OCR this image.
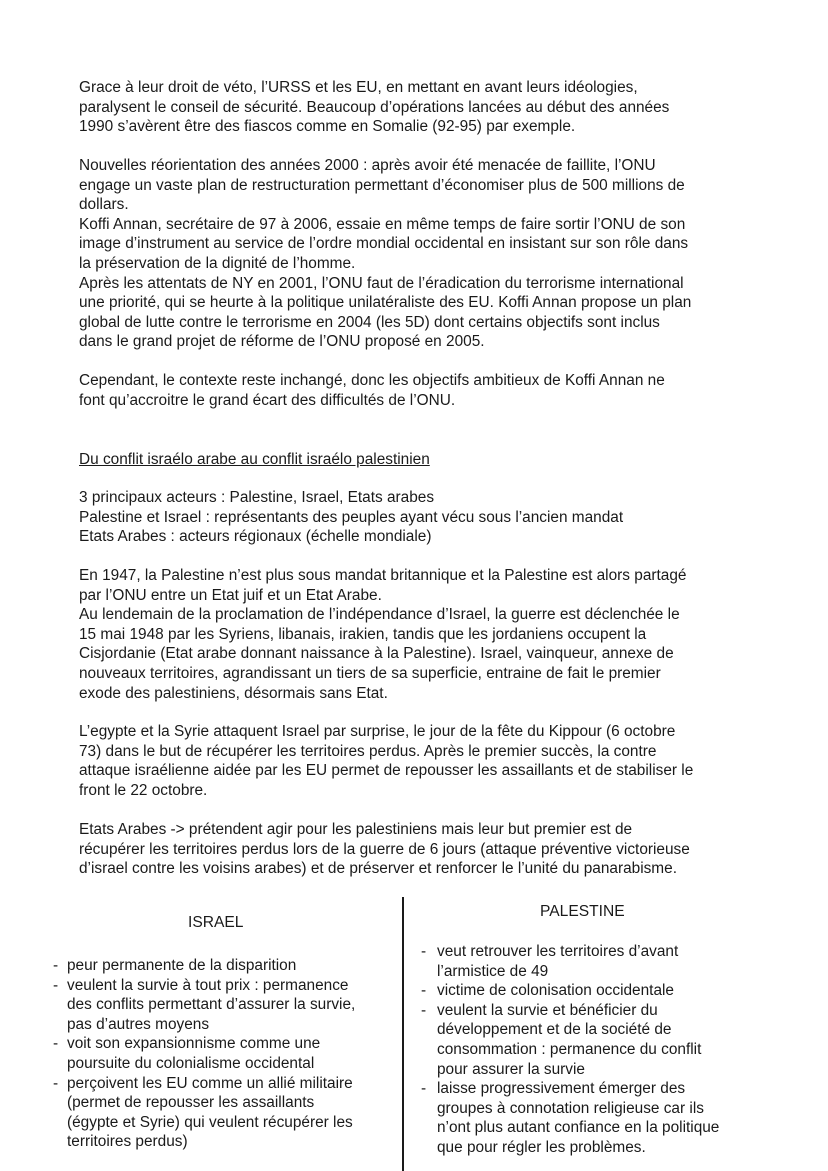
Grace à leur droit de véto, l’URSS et les EU, en mettant en avant leurs idéologies,
paralysent le conseil de sécurité. Beaucoup d’opérations lancées au début des années
1990 s’avèrent être des fiascos comme en Somalie (92-95) par exemple.

Nouvelles réorientation des années 2000 : après avoir été menacée de faillite, l’ONU
engage un vaste plan de restructuration permettant d’économiser plus de 500 millions de
dollars.
Koffi Annan, secrétaire de 97 à 2006, essaie en même temps de faire sortir l’ONU de son
image d’instrument au service de l’ordre mondial occidental en insistant sur son rôle dans
la préservation de la dignité de l’homme.
Après les attentats de NY en 2001, l’ONU faut de l’éradication du terrorisme international
une priorité, qui se heurte à la politique unilatéraliste des EU. Koffi Annan propose un plan
global de lutte contre le terrorisme en 2004 (les 5D) dont certains objectifs sont inclus
dans le grand projet de réforme de l’ONU proposé en 2005.

Cependant, le contexte reste inchangé, donc les objectifs ambitieux de Koffi Annan ne
font qu’accroitre le grand écart des difficultés de l’ONU.

Du conflit israélo arabe au conflit israélo palestinien

3 principaux acteurs : Palestine, Israel, Etats arabes
Palestine et Israel : représentants des peuples ayant vécu sous l’ancien mandat
Etats Arabes : acteurs régionaux (échelle mondiale)

En 1947, la Palestine n’est plus sous mandat britannique et la Palestine est alors partagé
par l’ONU entre un Etat juif et un Etat Arabe.
Au lendemain de la proclamation de l’indépendance d’Israel, la guerre est déclenchée le
15 mai 1948 par les Syriens, libanais, irakien, tandis que les jordaniens occupent la
Cisjordanie (Etat arabe donnant naissance à la Palestine). Israel, vainqueur, annexe de
nouveaux territoires, agrandissant un tiers de sa superficie, entraine de fait le premier
exode des palestiniens, désormais sans Etat.

L’egypte et la Syrie attaquent Israel par surprise, le jour de la fête du Kippour (6 octobre
73) dans le but de récupérer les territoires perdus. Après le premier succès, la contre
attaque israélienne aidée par les EU permet de repousser les assaillants et de stabiliser le
front le 22 octobre.

Etats Arabes -> prétendent agir pour les palestiniens mais leur but premier est de
récupérer les territoires perdus lors de la guerre de 6 jours (attaque préventive victorieuse
d’israel contre les voisins arabes) et de préserver et renforcer le l’unité du panarabisme.

ISRAEL
- peur permanente de la disparition
- veulent la survie à tout prix : permanence
des conflits permettant d’assurer la survie,
pas d’autres moyens
- voit son expansionnisme comme une
poursuite du colonialisme occidental
- perçoivent les EU comme un allié militaire
(permet de repousser les assaillants
(égypte et Syrie) qui veulent récupérer les
territoires perdus)
PALESTINE
- veut retrouver les territoires d’avant
l’armistice de 49
- victime de colonisation occidentale
- veulent la survie et bénéficier du
développement et de la société de
consommation : permanence du conflit
pour assurer la survie
- laisse progressivement émerger des
groupes à connotation religieuse car ils
n’ont plus autant confiance en la politique
que pour régler les problèmes.
